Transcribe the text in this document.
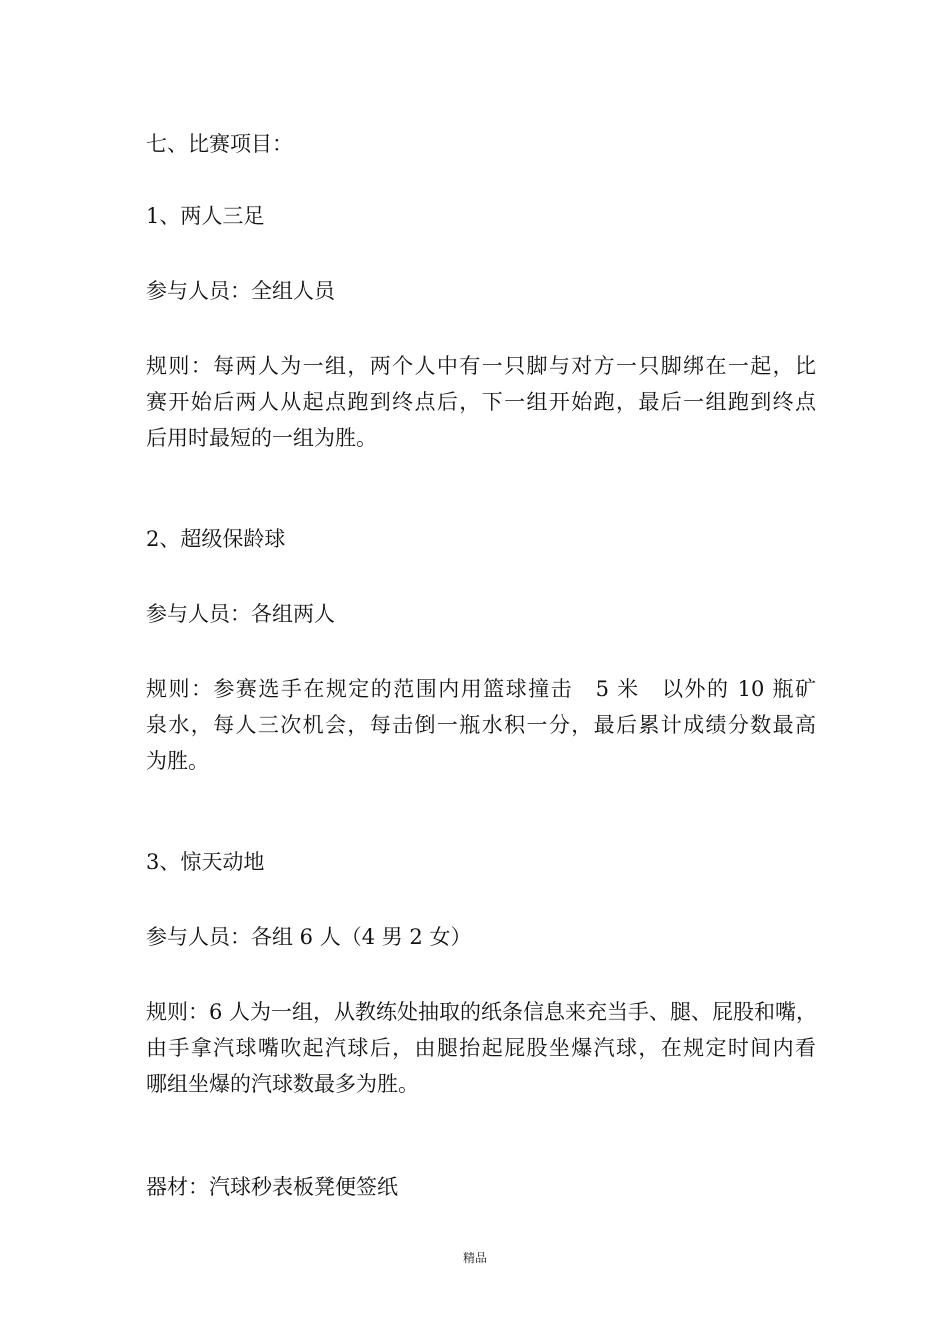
七、比赛项目：
1、两人三足
参与人员：全组人员
规则：每两人为一组，两个人中有一只脚与对方一只脚绑在一起，比
赛开始后两人从起点跑到终点后，下一组开始跑，最后一组跑到终点
后用时最短的一组为胜。
2、超级保龄球
参与人员：各组两人
规则：参赛选手在规定的范围内用篮球撞击　5 米　以外的 10 瓶矿
泉水，每人三次机会，每击倒一瓶水积一分，最后累计成绩分数最高
为胜。
3、惊天动地
参与人员：各组 6 人（4 男 2 女）
规则：6 人为一组，从教练处抽取的纸条信息来充当手、腿、屁股和嘴，
由手拿汽球嘴吹起汽球后，由腿抬起屁股坐爆汽球，在规定时间内看
哪组坐爆的汽球数最多为胜。
器材：汽球秒表板凳便签纸
精品
